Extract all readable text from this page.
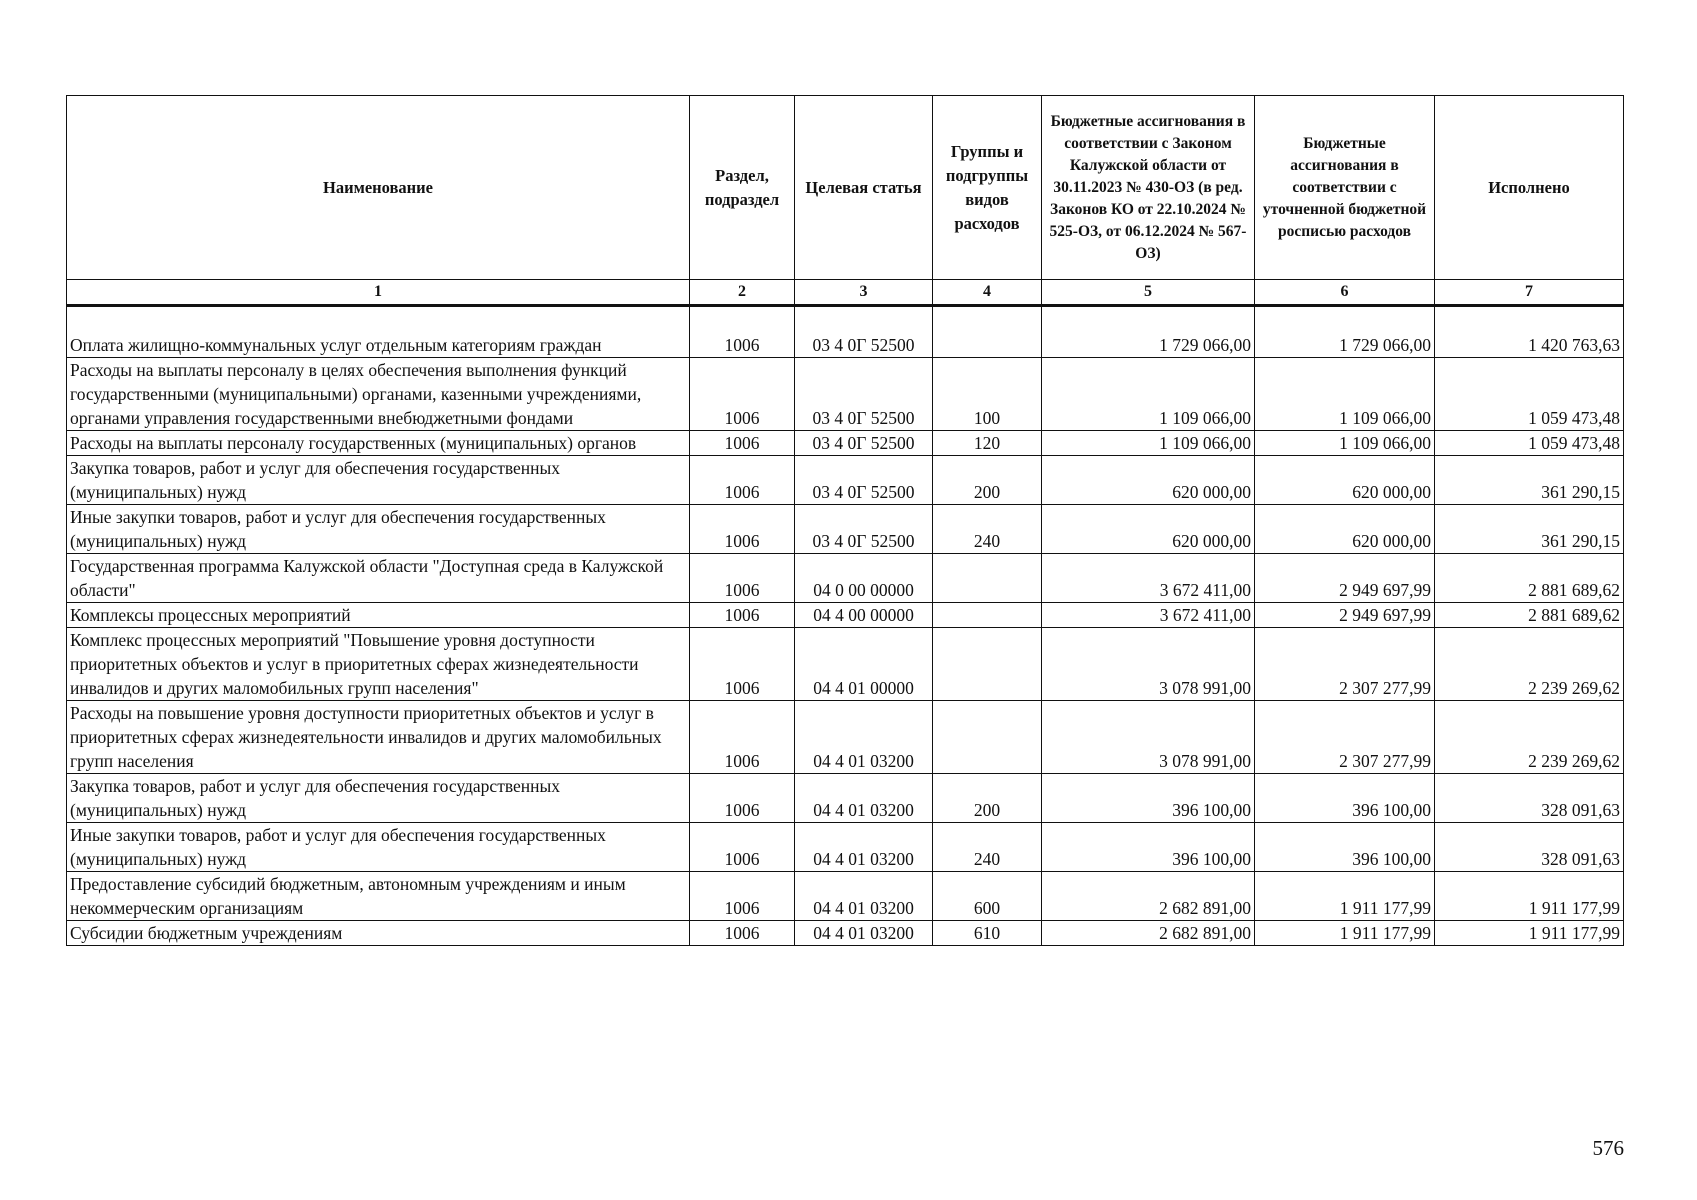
Наименование	Раздел, подраздел	Целевая статья	Группы и подгруппы видов расходов	Бюджетные ассигнования в соответствии с Законом Калужской области от 30.11.2023 № 430-ОЗ (в ред. Законов КО от 22.10.2024 № 525-ОЗ, от 06.12.2024 № 567-ОЗ)	Бюджетные ассигнования в соответствии с уточненной бюджетной росписью расходов	Исполнено
1	2	3	4	5	6	7

Оплата жилищно-коммунальных услуг отдельным категориям граждан	1006	03 4 0Г 52500		1 729 066,00	1 729 066,00	1 420 763,63
Расходы на выплаты персоналу в целях обеспечения выполнения функций государственными (муниципальными) органами, казенными учреждениями, органами управления государственными внебюджетными фондами	1006	03 4 0Г 52500	100	1 109 066,00	1 109 066,00	1 059 473,48
Расходы на выплаты персоналу государственных (муниципальных) органов	1006	03 4 0Г 52500	120	1 109 066,00	1 109 066,00	1 059 473,48
Закупка товаров, работ и услуг для обеспечения государственных (муниципальных) нужд	1006	03 4 0Г 52500	200	620 000,00	620 000,00	361 290,15
Иные закупки товаров, работ и услуг для обеспечения государственных (муниципальных) нужд	1006	03 4 0Г 52500	240	620 000,00	620 000,00	361 290,15
Государственная программа Калужской области "Доступная среда в Калужской области"	1006	04 0 00 00000		3 672 411,00	2 949 697,99	2 881 689,62
Комплексы процессных мероприятий	1006	04 4 00 00000		3 672 411,00	2 949 697,99	2 881 689,62
Комплекс процессных мероприятий "Повышение уровня доступности приоритетных объектов и услуг в приоритетных сферах жизнедеятельности инвалидов и других маломобильных групп населения"	1006	04 4 01 00000		3 078 991,00	2 307 277,99	2 239 269,62
Расходы на повышение уровня доступности приоритетных объектов и услуг в приоритетных сферах жизнедеятельности инвалидов и других маломобильных групп населения	1006	04 4 01 03200		3 078 991,00	2 307 277,99	2 239 269,62
Закупка товаров, работ и услуг для обеспечения государственных (муниципальных) нужд	1006	04 4 01 03200	200	396 100,00	396 100,00	328 091,63
Иные закупки товаров, работ и услуг для обеспечения государственных (муниципальных) нужд	1006	04 4 01 03200	240	396 100,00	396 100,00	328 091,63
Предоставление субсидий бюджетным, автономным учреждениям и иным некоммерческим организациям	1006	04 4 01 03200	600	2 682 891,00	1 911 177,99	1 911 177,99
Субсидии бюджетным учреждениям	1006	04 4 01 03200	610	2 682 891,00	1 911 177,99	1 911 177,99
576
